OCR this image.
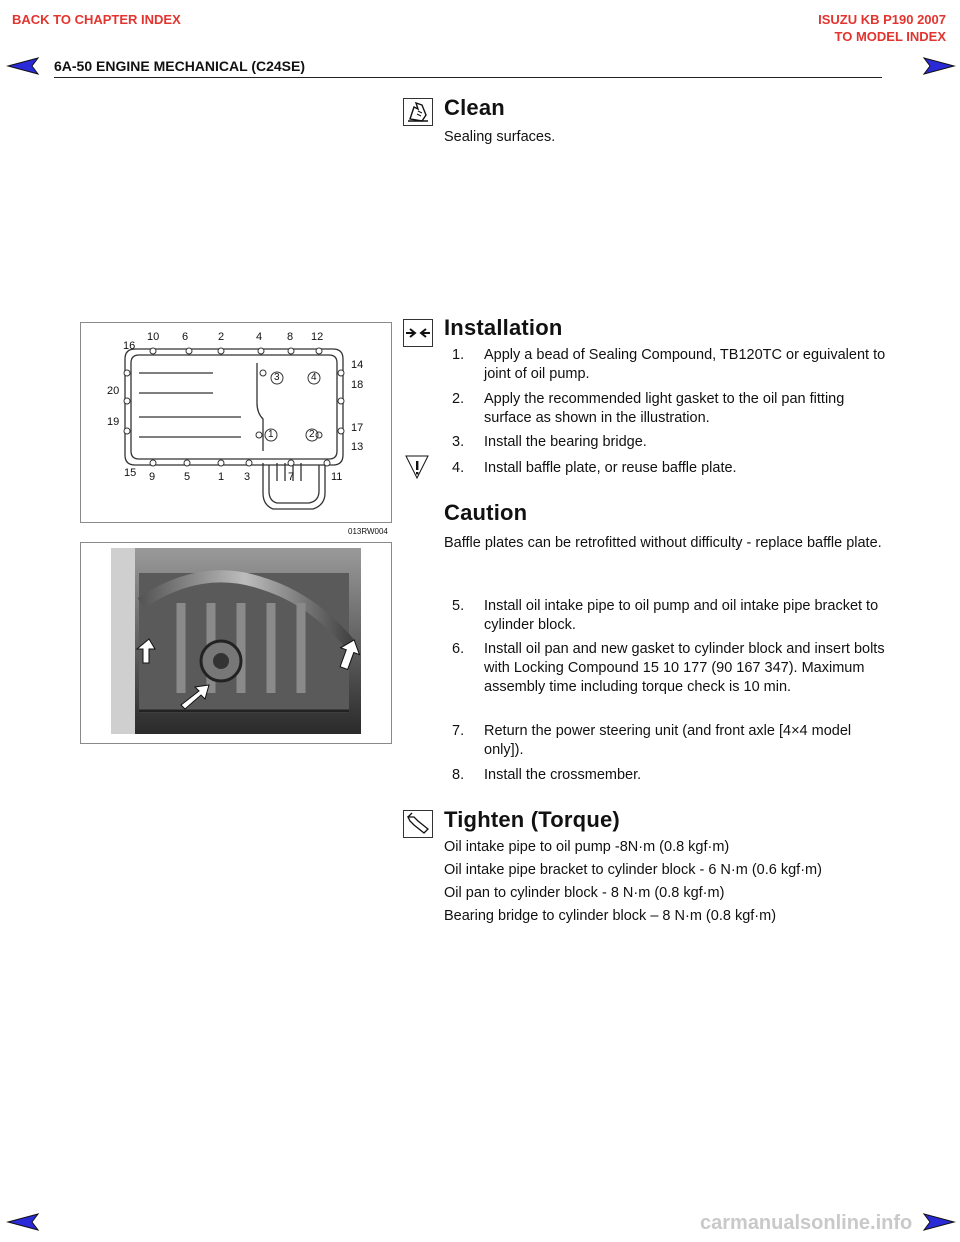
BACK TO CHAPTER INDEX	ISUZU KB P190 2007
TO MODEL INDEX
6A-50 ENGINE MECHANICAL (C24SE)
Clean
Sealing surfaces.
Installation
1. Apply a bead of Sealing Compound, TB120TC or eguivalent to joint of oil pump.
2. Apply the recommended light gasket to the oil pan fitting surface as shown in the illustration.
3. Install the bearing bridge.
4. Install baffle plate, or reuse baffle plate.
Caution
Baffle plates can be retrofitted without difficulty - replace baffle plate.
5. Install oil intake pipe to oil pump and oil intake pipe bracket to cylinder block.
6. Install oil pan and new gasket to cylinder block and insert bolts with Locking Compound 15 10 177 (90 167 347). Maximum assembly time including torque check is 10 min.
7. Return the power steering unit (and front axle [4×4 model only]).
8. Install the crossmember.
Tighten (Torque)
Oil intake pipe to oil pump -8N·m (0.8 kgf·m)
Oil intake pipe bracket to cylinder block - 6 N·m (0.6 kgf·m)
Oil pan to cylinder block - 8 N·m (0.8 kgf·m)
Bearing bridge to cylinder block – 8 N·m (0.8 kgf·m)
10 6	2	4 8 12
16
20
19
14
18
17
13
15 9	5	1 3	7	11
3	4
1	2
013RW004
carmanualsonline.info
